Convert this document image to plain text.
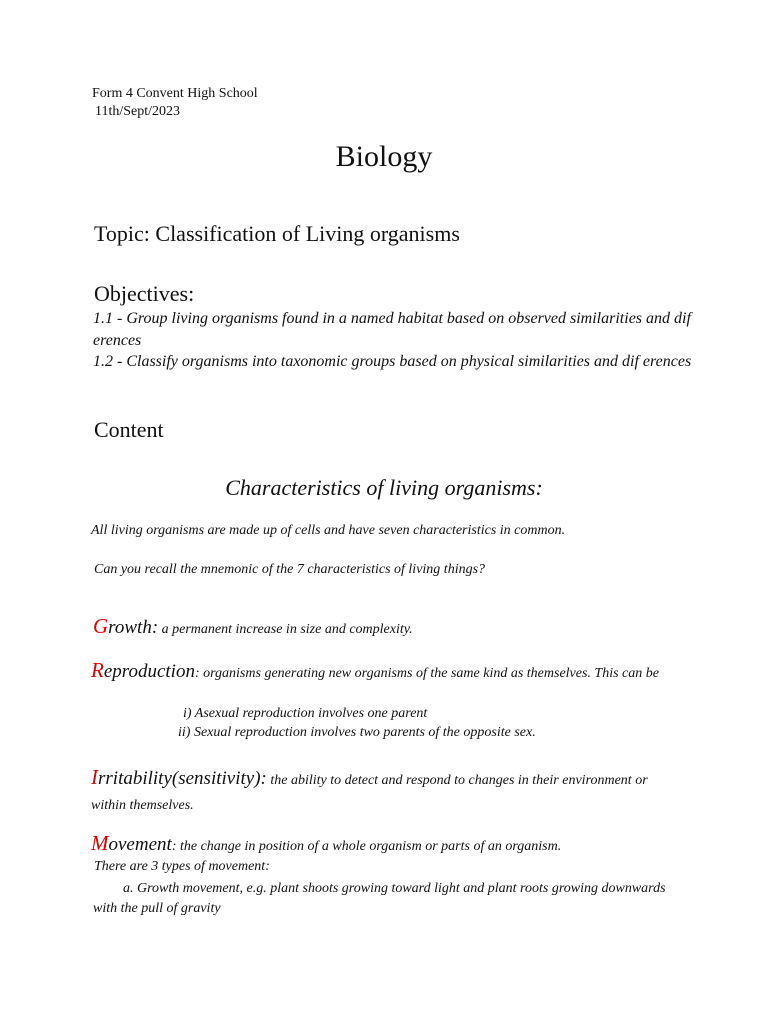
Form 4 Convent High School
11th/Sept/2023
Biology
Topic: Classification of Living organisms
Objectives:
1.1 - Group living organisms found in a named habitat based on observed similarities and dif erences
1.2 - Classify organisms into taxonomic groups based on physical similarities and dif erences
Content
Characteristics of living organisms:
All living organisms are made up of cells and have seven characteristics in common.
Can you recall the mnemonic of the 7 characteristics of living things?
Growth: a permanent increase in size and complexity.
Reproduction: organisms generating new organisms of the same kind as themselves. This can be
i) Asexual reproduction involves one parent
ii) Sexual reproduction involves two parents of the opposite sex.
Irritability(sensitivity): the ability to detect and respond to changes in their environment or within themselves.
Movement: the change in position of a whole organism or parts of an organism.
There are 3 types of movement:
a. Growth movement, e.g. plant shoots growing toward light and plant roots growing downwards with the pull of gravity
